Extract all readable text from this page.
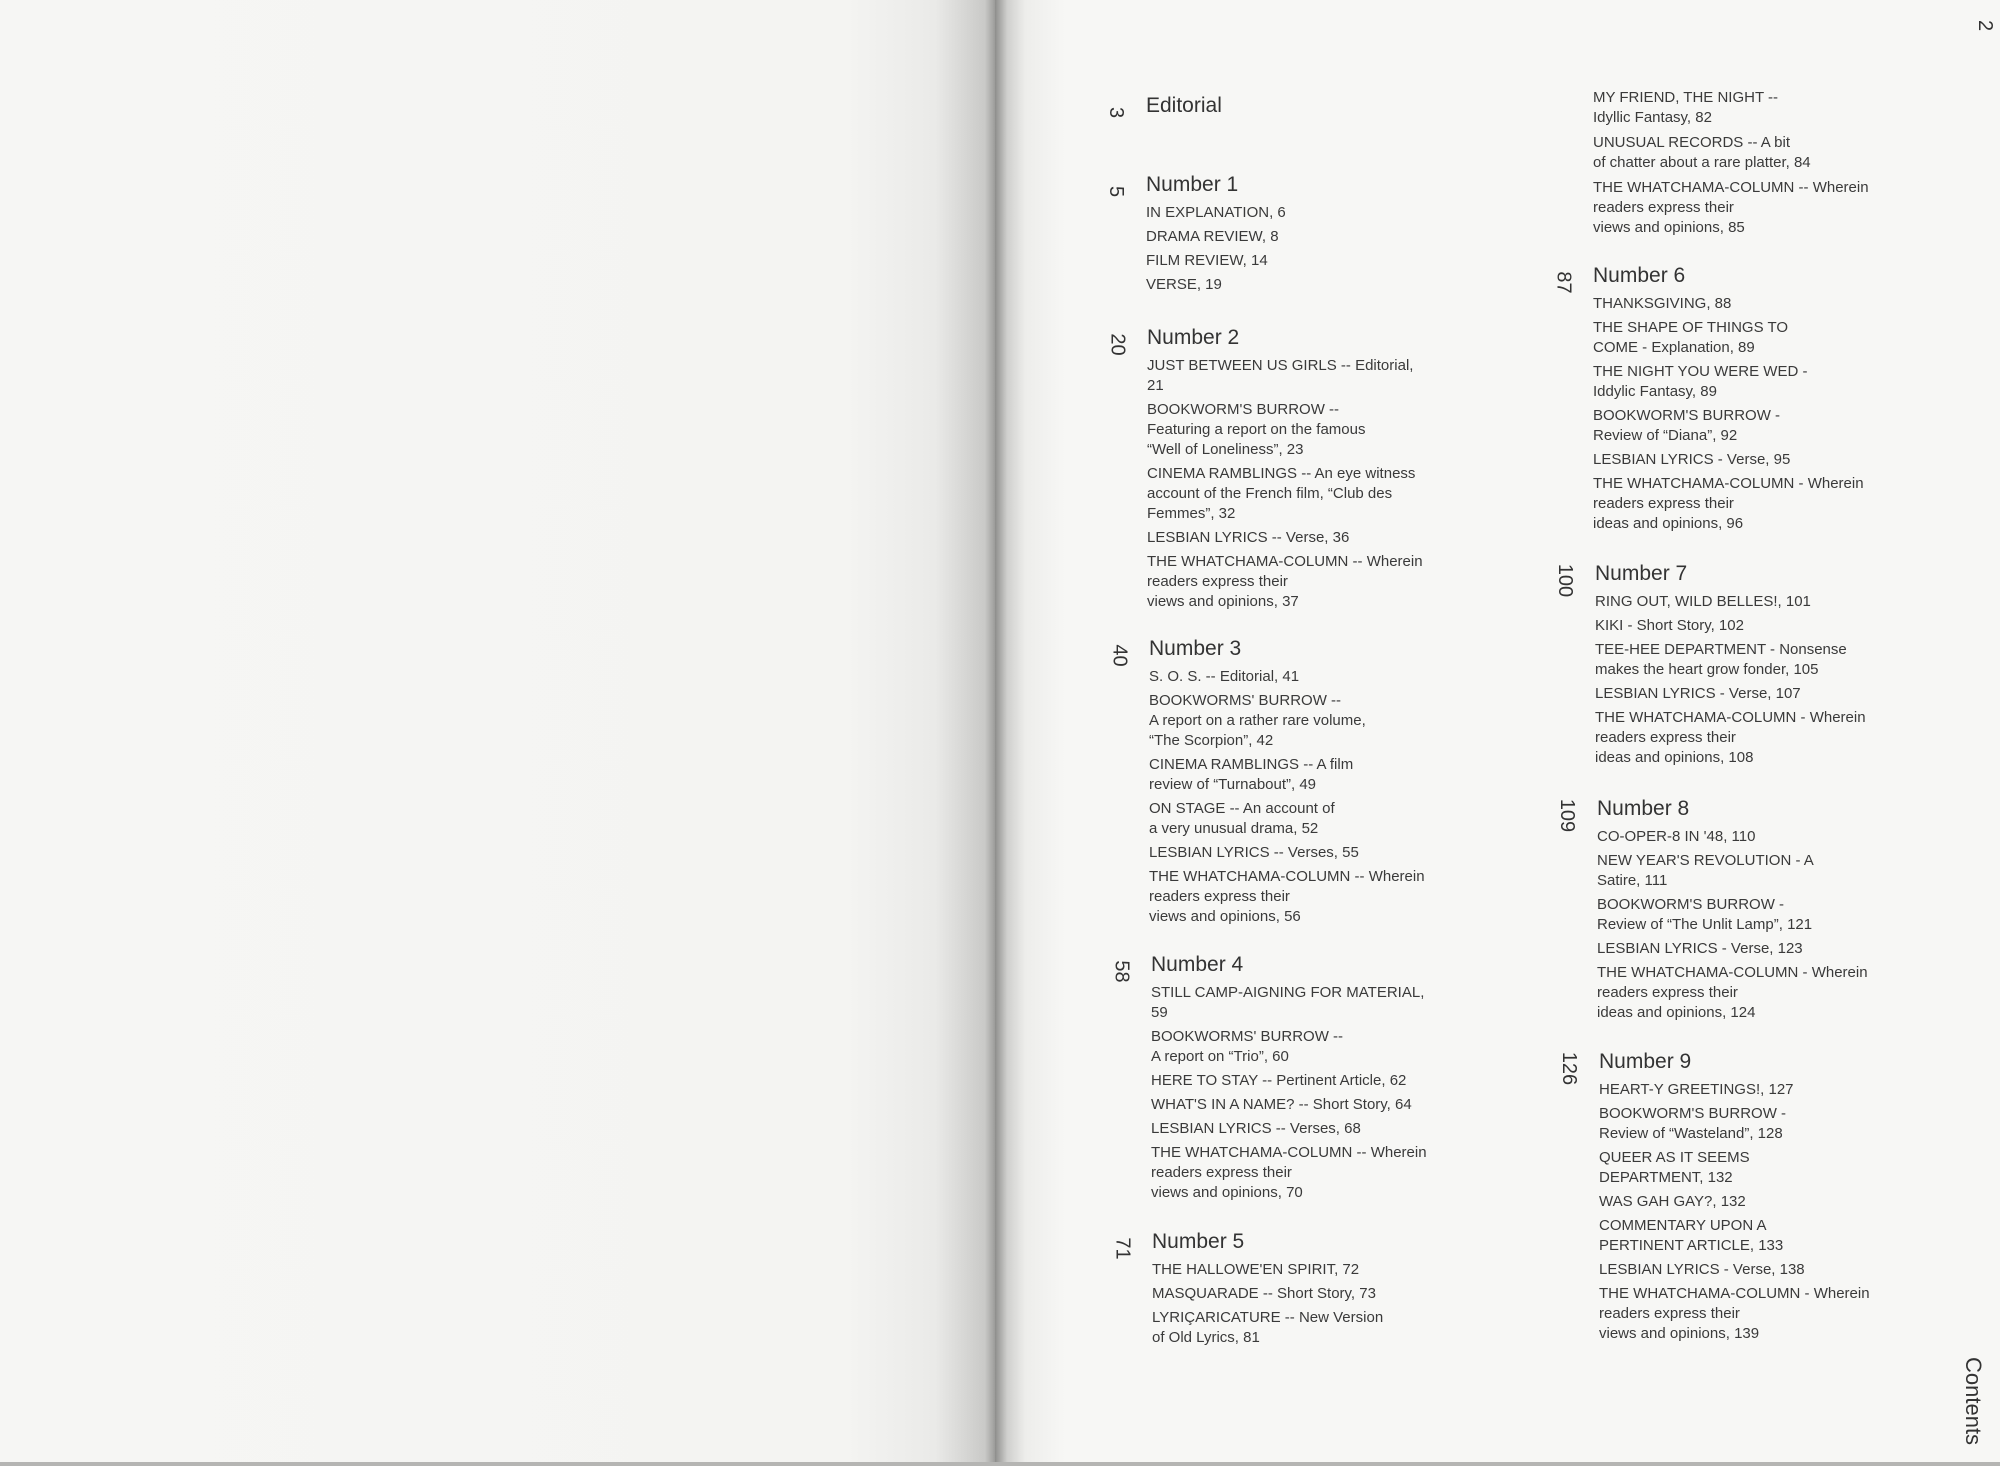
2
Contents
3 Editorial
5 Number 1
IN EXPLANATION, 6
DRAMA REVIEW, 8
FILM REVIEW, 14
VERSE, 19
20 Number 2
JUST BETWEEN US GIRLS -- Editorial,
21
BOOKWORM'S BURROW --
Featuring a report on the famous
“Well of Loneliness”, 23
CINEMA RAMBLINGS -- An eye witness
account of the French film, “Club des
Femmes”, 32
LESBIAN LYRICS -- Verse, 36
THE WHATCHAMA-COLUMN -- Wherein
readers express their
views and opinions, 37
40 Number 3
S. O. S. -- Editorial, 41
BOOKWORMS' BURROW --
A report on a rather rare volume,
“The Scorpion”, 42
CINEMA RAMBLINGS -- A film
review of “Turnabout”, 49
ON STAGE -- An account of
a very unusual drama, 52
LESBIAN LYRICS -- Verses, 55
THE WHATCHAMA-COLUMN -- Wherein
readers express their
views and opinions, 56
58 Number 4
STILL CAMP-AIGNING FOR MATERIAL,
59
BOOKWORMS' BURROW --
A report on “Trio”, 60
HERE TO STAY -- Pertinent Article, 62
WHAT'S IN A NAME? -- Short Story, 64
LESBIAN LYRICS -- Verses, 68
THE WHATCHAMA-COLUMN -- Wherein
readers express their
views and opinions, 70
71 Number 5
THE HALLOWE'EN SPIRIT, 72
MASQUARADE -- Short Story, 73
LYRIÇARICATURE -- New Version
of Old Lyrics, 81
MY FRIEND, THE NIGHT --
Idyllic Fantasy, 82
UNUSUAL RECORDS -- A bit
of chatter about a rare platter, 84
THE WHATCHAMA-COLUMN -- Wherein
readers express their
views and opinions, 85
87 Number 6
THANKSGIVING, 88
THE SHAPE OF THINGS TO
COME - Explanation, 89
THE NIGHT YOU WERE WED -
Iddylic Fantasy, 89
BOOKWORM'S BURROW -
Review of “Diana”, 92
LESBIAN LYRICS - Verse, 95
THE WHATCHAMA-COLUMN - Wherein
readers express their
ideas and opinions, 96
100 Number 7
RING OUT, WILD BELLES!, 101
KIKI - Short Story, 102
TEE-HEE DEPARTMENT - Nonsense
makes the heart grow fonder, 105
LESBIAN LYRICS - Verse, 107
THE WHATCHAMA-COLUMN - Wherein
readers express their
ideas and opinions, 108
109 Number 8
CO-OPER-8 IN '48, 110
NEW YEAR'S REVOLUTION - A
Satire, 111
BOOKWORM'S BURROW -
Review of “The Unlit Lamp”, 121
LESBIAN LYRICS - Verse, 123
THE WHATCHAMA-COLUMN - Wherein
readers express their
ideas and opinions, 124
126 Number 9
HEART-Y GREETINGS!, 127
BOOKWORM'S BURROW -
Review of “Wasteland”, 128
QUEER AS IT SEEMS
DEPARTMENT, 132
WAS GAH GAY?, 132
COMMENTARY UPON A
PERTINENT ARTICLE, 133
LESBIAN LYRICS - Verse, 138
THE WHATCHAMA-COLUMN - Wherein
readers express their
views and opinions, 139
